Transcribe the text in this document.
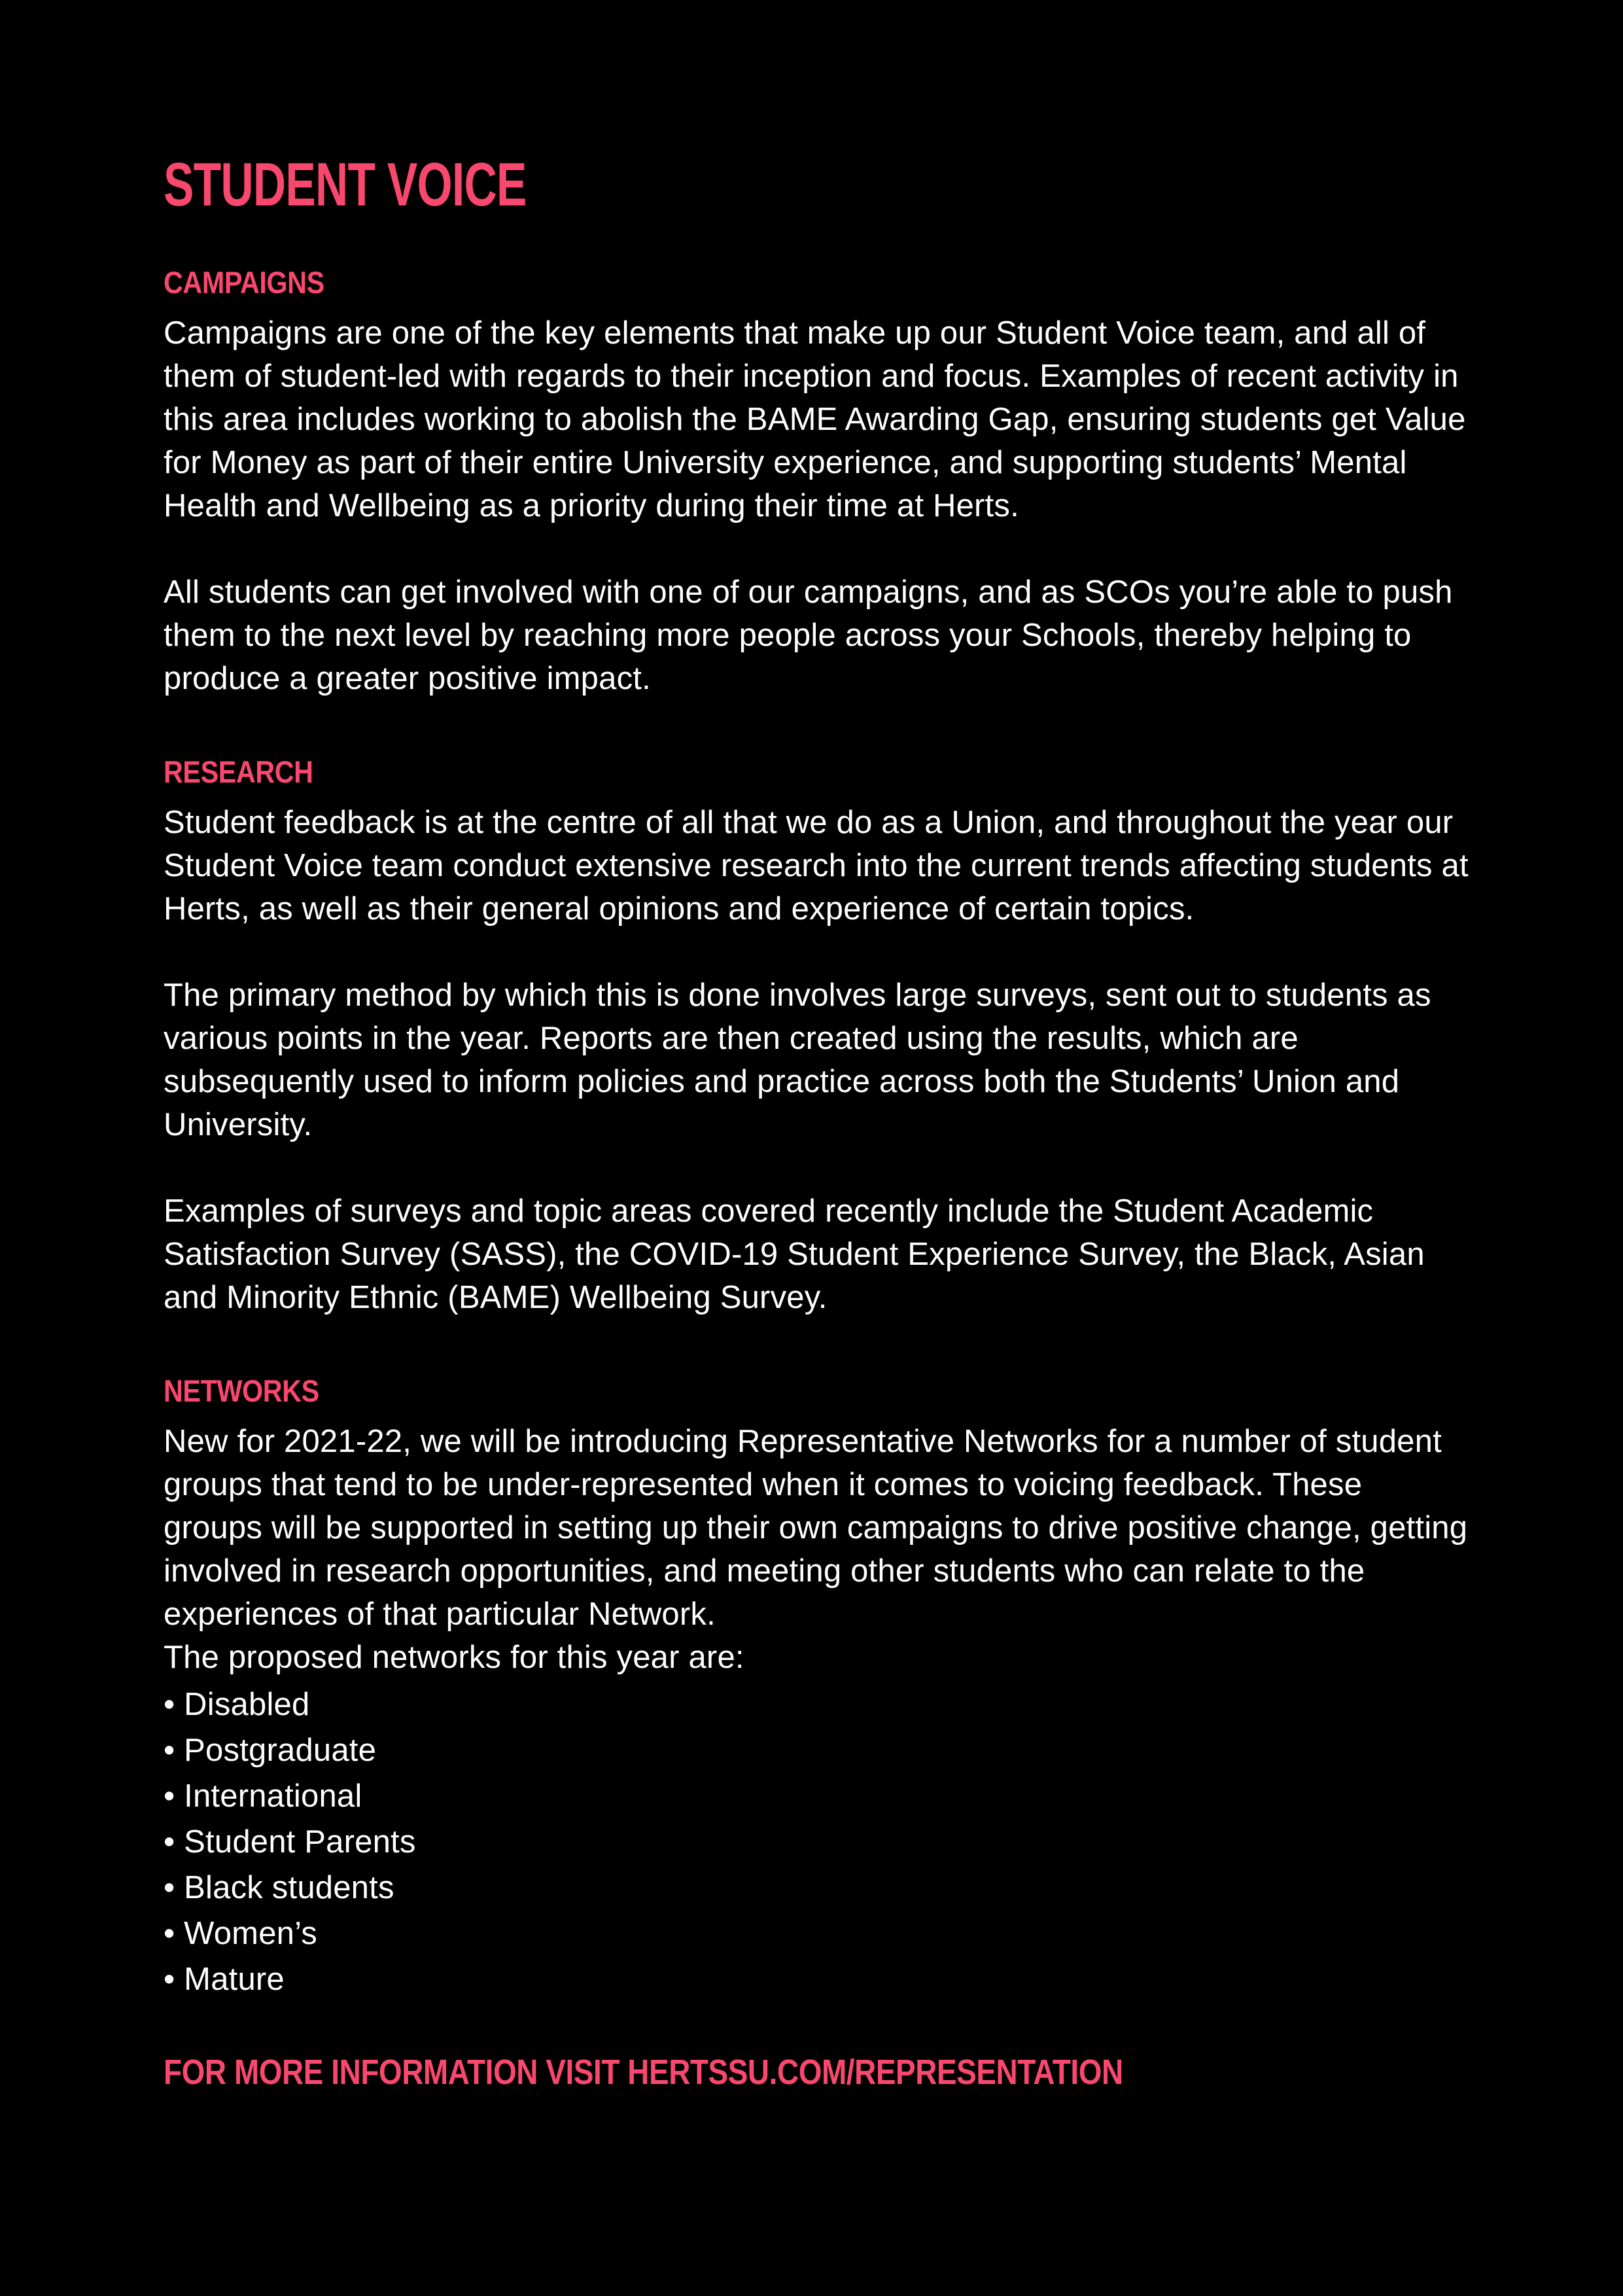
STUDENT VOICE
CAMPAIGNS

Campaigns are one of the key elements that make up our Student Voice team, and all of them of student-led with regards to their inception and focus. Examples of recent activity in this area includes working to abolish the BAME Awarding Gap, ensuring students get Value for Money as part of their entire University experience, and supporting students’ Mental Health and Wellbeing as a priority during their time at Herts.

All students can get involved with one of our campaigns, and as SCOs you’re able to push them to the next level by reaching more people across your Schools, thereby helping to produce a greater positive impact.

RESEARCH

Student feedback is at the centre of all that we do as a Union, and throughout the year our Student Voice team conduct extensive research into the current trends affecting students at Herts, as well as their general opinions and experience of certain topics.

The primary method by which this is done involves large surveys, sent out to students as various points in the year. Reports are then created using the results, which are subsequently used to inform policies and practice across both the Students’ Union and University.

Examples of surveys and topic areas covered recently include the Student Academic Satisfaction Survey (SASS), the COVID-19 Student Experience Survey, the Black, Asian and Minority Ethnic (BAME) Wellbeing Survey.

NETWORKS

New for 2021-22, we will be introducing Representative Networks for a number of student groups that tend to be under-represented when it comes to voicing feedback. These groups will be supported in setting up their own campaigns to drive positive change, getting involved in research opportunities, and meeting other students who can relate to the experiences of that particular Network.

The proposed networks for this year are:

• Disabled
• Postgraduate
• International
• Student Parents
• Black students
• Women’s
• Mature
FOR MORE INFORMATION VISIT HERTSSU.COM/REPRESENTATION
